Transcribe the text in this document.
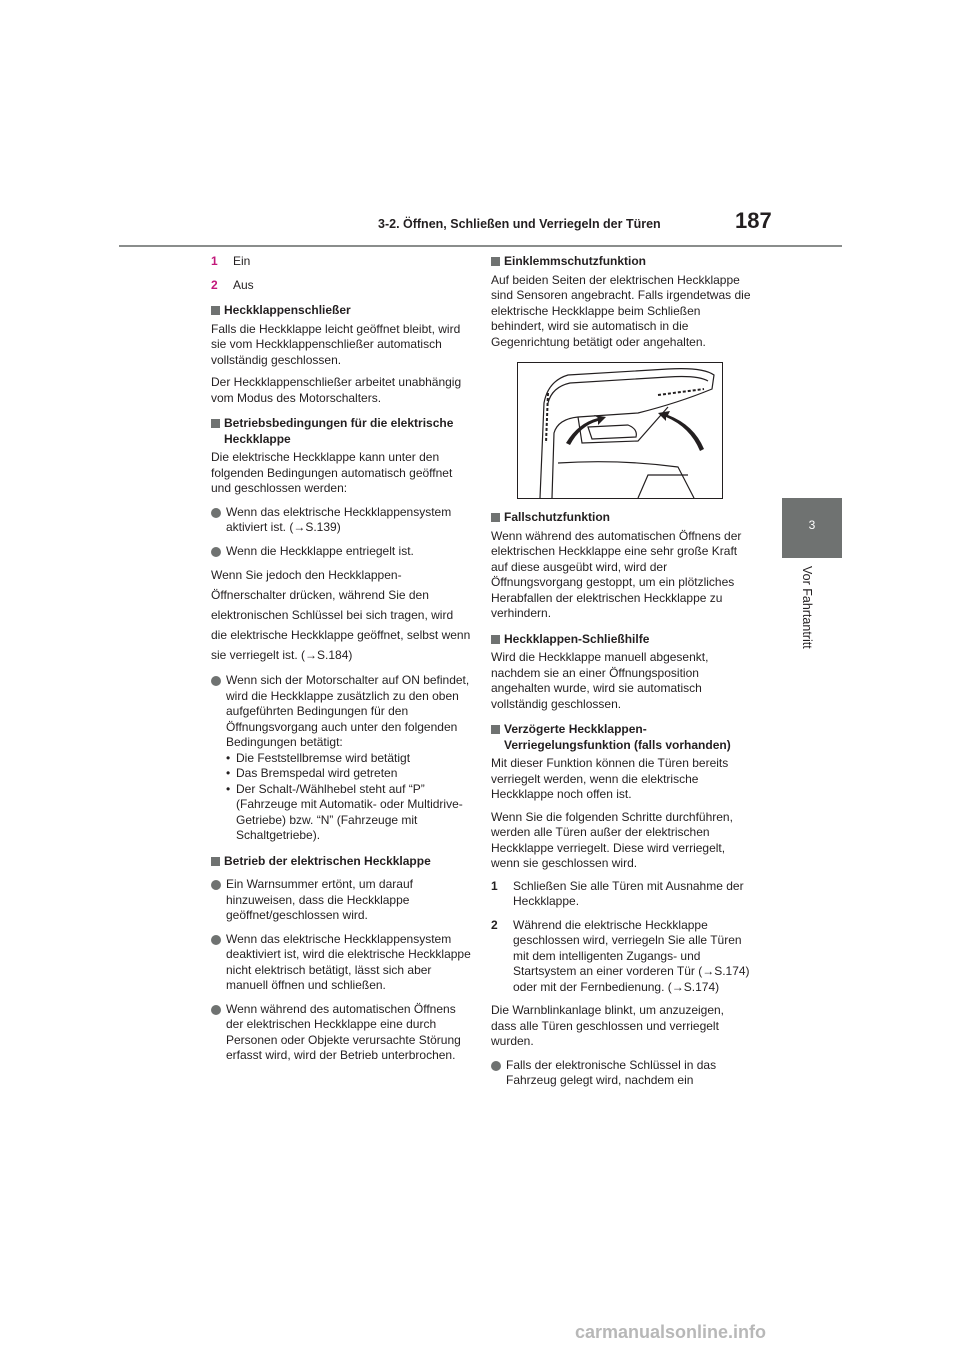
3-2. Öffnen, Schließen und Verriegeln der Türen	187
3
Vor Fahrtantritt
1 Ein
2 Aus
Heckklappenschließer

Falls die Heckklappe leicht geöffnet bleibt, wird sie vom Heckklappenschließer automatisch vollständig geschlossen.

Der Heckklappenschließer arbeitet unabhängig vom Modus des Motorschalters.

Betriebsbedingungen für die elektrische Heckklappe

Die elektrische Heckklappe kann unter den folgenden Bedingungen automatisch geöffnet und geschlossen werden:

Wenn das elektrische Heckklappensystem aktiviert ist. (→S.139)
Wenn die Heckklappe entriegelt ist.

Wenn Sie jedoch den Heckklappen-Öffnerschalter drücken, während Sie den elektronischen Schlüssel bei sich tragen, wird die elektrische Heckklappe geöffnet, selbst wenn sie verriegelt ist. (→S.184)

Wenn sich der Motorschalter auf ON befindet, wird die Heckklappe zusätzlich zu den oben aufgeführten Bedingungen für den Öffnungsvorgang auch unter den folgenden Bedingungen betätigt:
• Die Feststellbremse wird betätigt
• Das Bremspedal wird getreten
• Der Schalt-/Wählhebel steht auf “P” (Fahrzeuge mit Automatik- oder Multidrive-Getriebe) bzw. “N” (Fahrzeuge mit Schaltgetriebe).
Betrieb der elektrischen Heckklappe
Ein Warnsummer ertönt, um darauf hinzuweisen, dass die Heckklappe geöffnet/geschlossen wird.
Wenn das elektrische Heckklappensystem deaktiviert ist, wird die elektrische Heckklappe nicht elektrisch betätigt, lässt sich aber manuell öffnen und schließen.
Wenn während des automatischen Öffnens der elektrischen Heckklappe eine durch Personen oder Objekte verursachte Störung erfasst wird, wird der Betrieb unterbrochen.
Einklemmschutzfunktion

Auf beiden Seiten der elektrischen Heckklappe sind Sensoren angebracht. Falls irgendetwas die elektrische Heckklappe beim Schließen behindert, wird sie automatisch in die Gegenrichtung betätigt oder angehalten.

Fallschutzfunktion

Wenn während des automatischen Öffnens der elektrischen Heckklappe eine sehr große Kraft auf diese ausgeübt wird, wird der Öffnungsvorgang gestoppt, um ein plötzliches Herabfallen der elektrischen Heckklappe zu verhindern.

Heckklappen-Schließhilfe

Wird die Heckklappe manuell abgesenkt, nachdem sie an einer Öffnungsposition angehalten wurde, wird sie automatisch vollständig geschlossen.

Verzögerte Heckklappen-Verriegelungsfunktion (falls vorhanden)

Mit dieser Funktion können die Türen bereits verriegelt werden, wenn die elektrische Heckklappe noch offen ist.

Wenn Sie die folgenden Schritte durchführen, werden alle Türen außer der elektrischen Heckklappe verriegelt. Diese wird verriegelt, wenn sie geschlossen wird.

1 Schließen Sie alle Türen mit Ausnahme der Heckklappe.
2 Während die elektrische Heckklappe geschlossen wird, verriegeln Sie alle Türen mit dem intelligenten Zugangs- und Startsystem an einer vorderen Tür (→S.174) oder mit der Fernbedienung. (→S.174)

Die Warnblinkanlage blinkt, um anzuzeigen, dass alle Türen geschlossen und verriegelt wurden.

Falls der elektronische Schlüssel in das Fahrzeug gelegt wird, nachdem ein
carmanualsonline.info
